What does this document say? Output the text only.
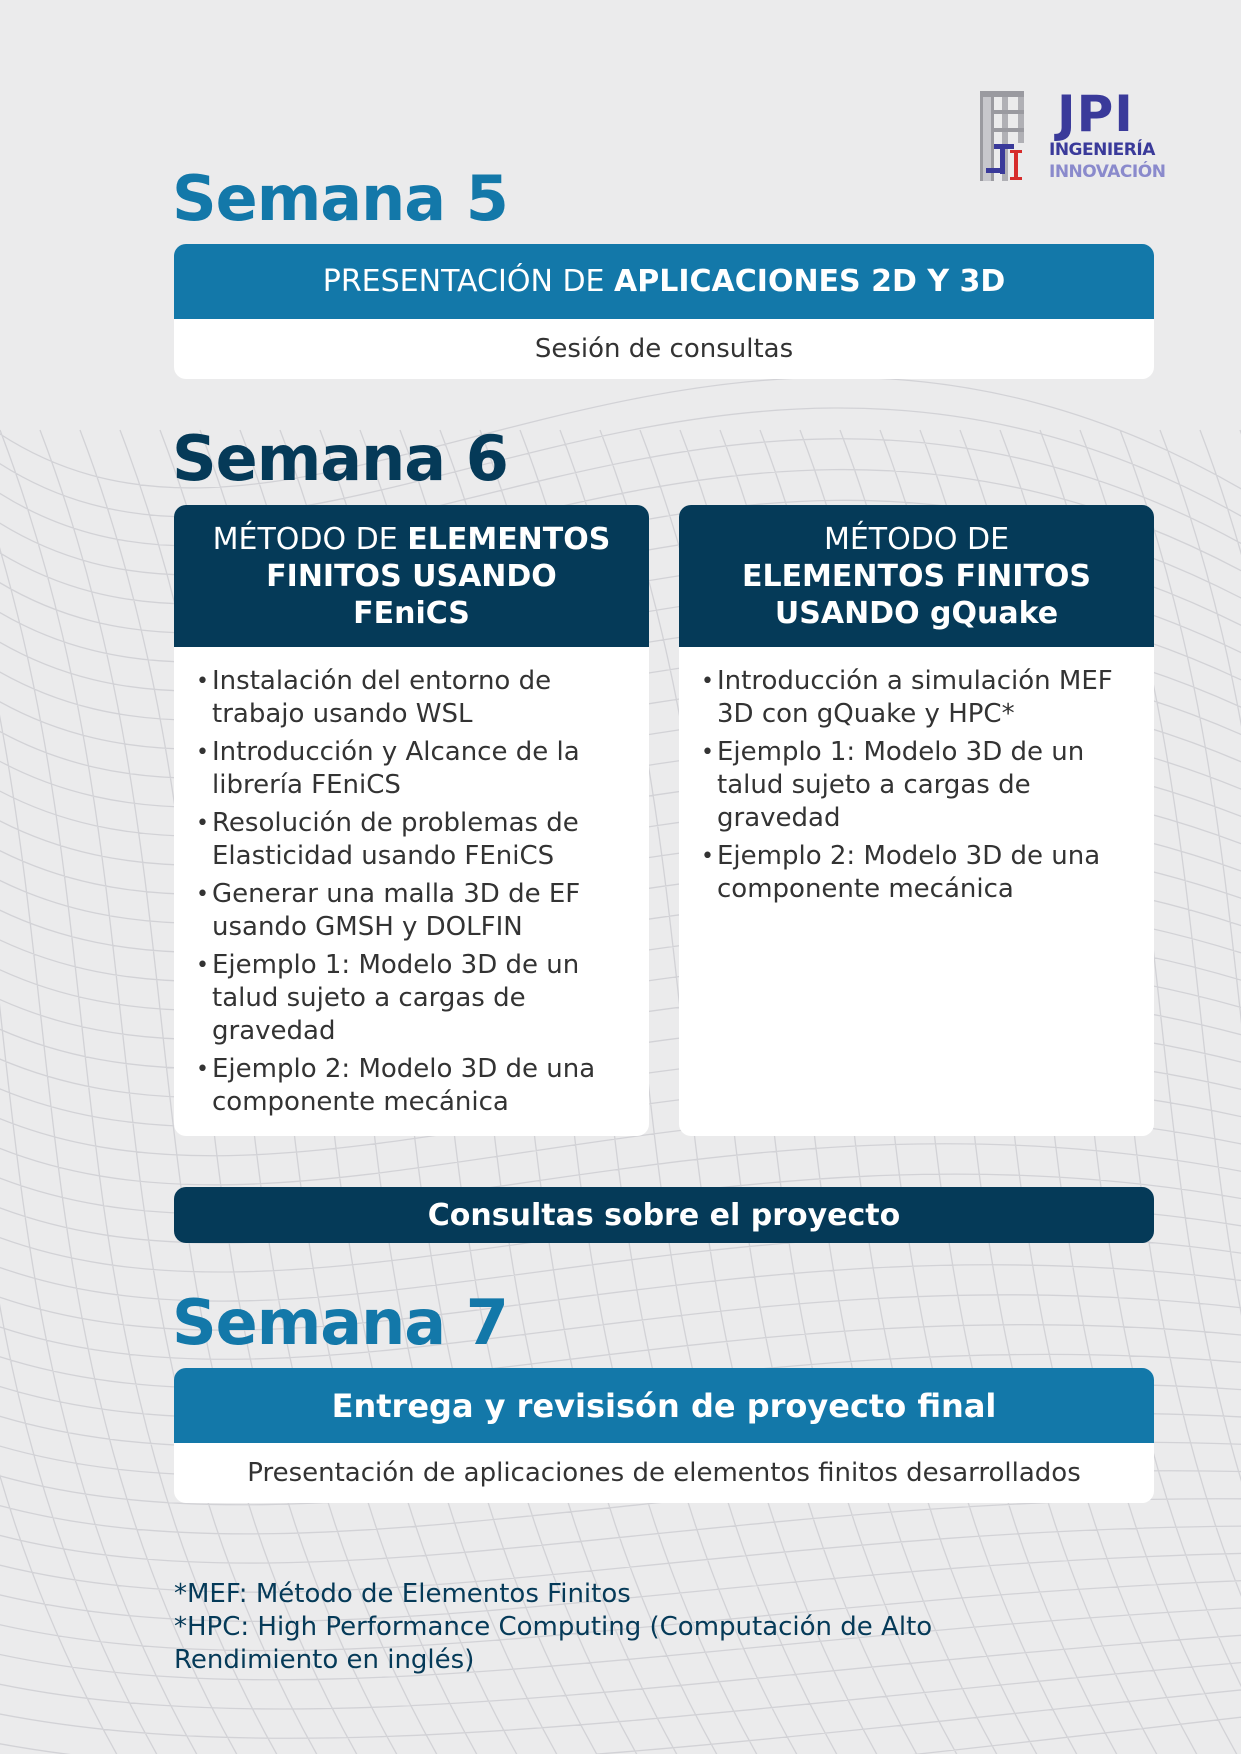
JPI
INGENIERÍA
INNOVACIÓN
Semana 5
PRESENTACIÓN DE APLICACIONES 2D Y 3D
Sesión de consultas
Semana 6
MÉTODO DE ELEMENTOS
FINITOS USANDO
FEniCS
• Instalación del entorno de trabajo usando WSL
• Introducción y Alcance de la librería FEniCS
• Resolución de problemas de Elasticidad usando FEniCS
• Generar una malla 3D de EF usando GMSH y DOLFIN
• Ejemplo 1: Modelo 3D de un talud sujeto a cargas de gravedad
• Ejemplo 2: Modelo 3D de una componente mecánica
MÉTODO DE
ELEMENTOS FINITOS
USANDO gQuake
• Introducción a simulación MEF 3D con gQuake y HPC*
• Ejemplo 1: Modelo 3D de un talud sujeto a cargas de gravedad
• Ejemplo 2: Modelo 3D de una componente mecánica
Consultas sobre el proyecto
Semana 7
Entrega y revisisón de proyecto final
Presentación de aplicaciones de elementos finitos desarrollados
*MEF: Método de Elementos Finitos
*HPC: High Performance Computing (Computación de Alto
Rendimiento en inglés)
